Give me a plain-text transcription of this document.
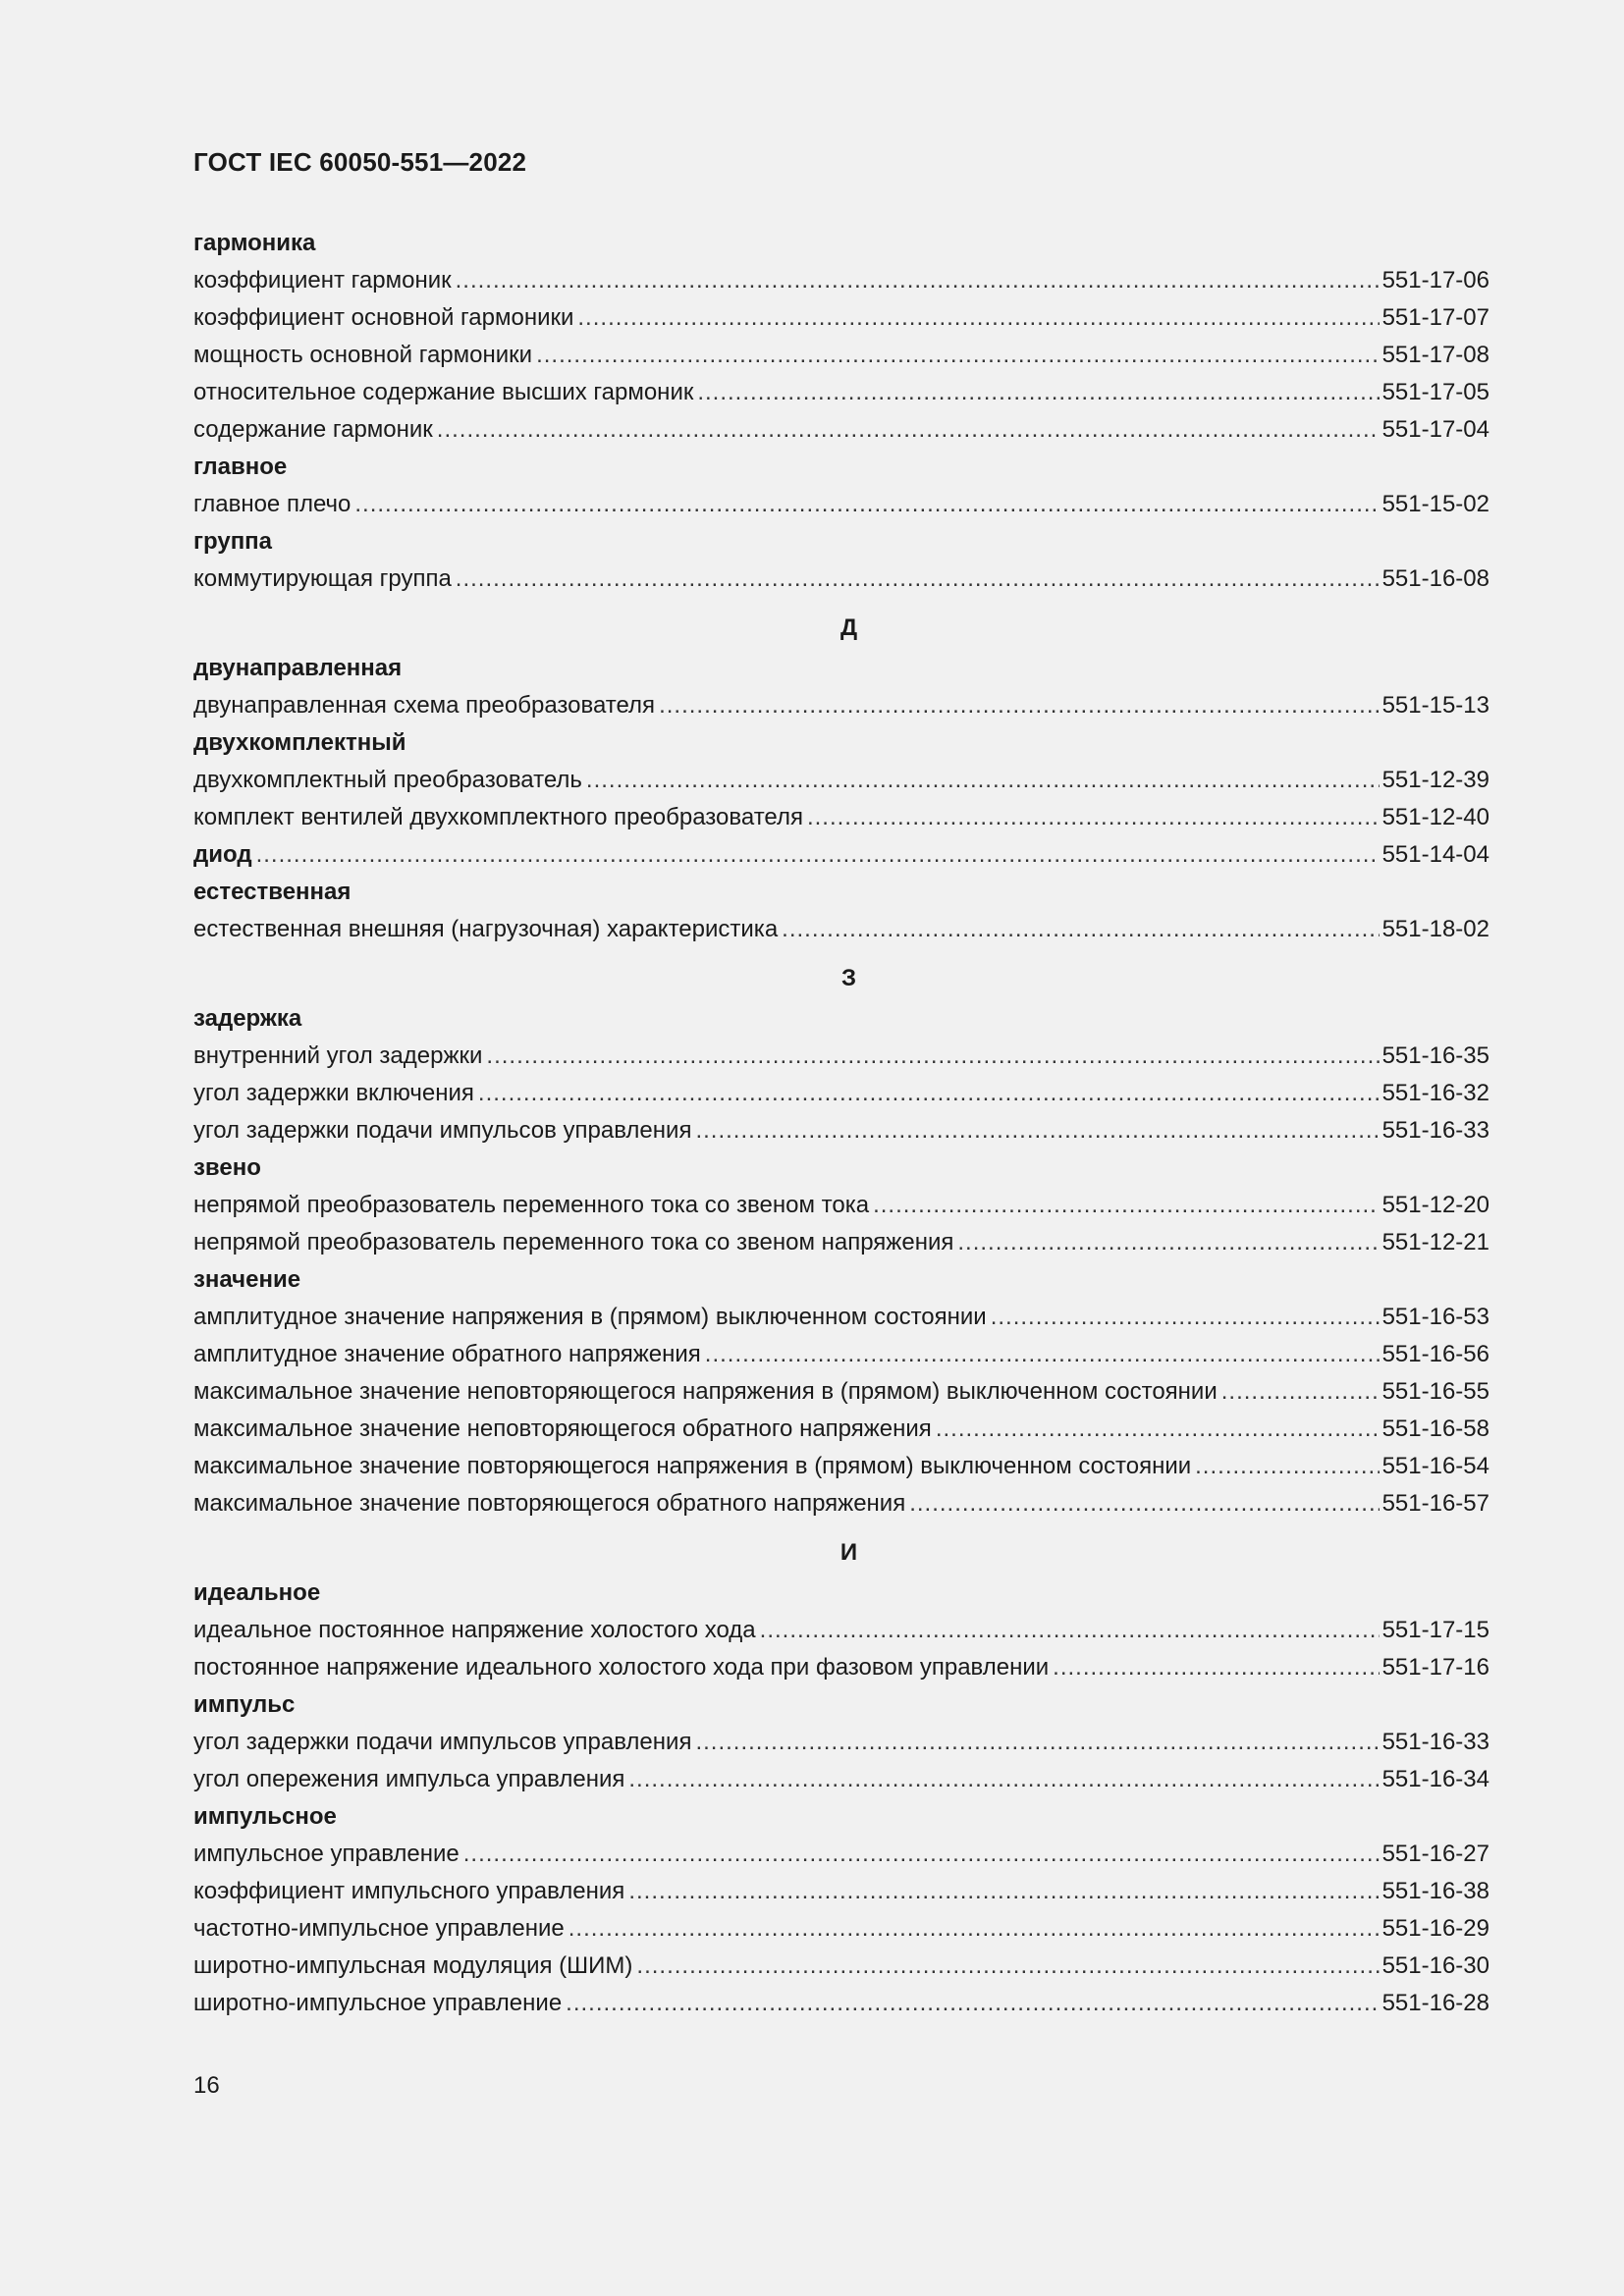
ГОСТ IEC 60050-551—2022
гармоника
коэффициент гармоник .....	551-17-06
коэффициент основной гармоники .....	551-17-07
мощность основной гармоники .....	551-17-08
относительное содержание высших гармоник .....	551-17-05
содержание гармоник .....	551-17-04
главное
главное плечо .....	551-15-02
группа
коммутирующая группа .....	551-16-08
Д
двунаправленная
двунаправленная схема преобразователя .....	551-15-13
двухкомплектный
двухкомплектный преобразователь .....	551-12-39
комплект вентилей двухкомплектного преобразователя .....	551-12-40
диод .....	551-14-04
естественная
естественная внешняя (нагрузочная) характеристика .....	551-18-02
З
задержка
внутренний угол задержки .....	551-16-35
угол задержки включения .....	551-16-32
угол задержки подачи импульсов управления .....	551-16-33
звено
непрямой преобразователь переменного тока со звеном тока .....	551-12-20
непрямой преобразователь переменного тока со звеном напряжения .....	551-12-21
значение
амплитудное значение напряжения в (прямом) выключенном состоянии .....	551-16-53
амплитудное значение обратного напряжения .....	551-16-56
максимальное значение неповторяющегося напряжения в (прямом) выключенном состоянии .....	551-16-55
максимальное значение неповторяющегося обратного напряжения .....	551-16-58
максимальное значение повторяющегося напряжения в (прямом) выключенном состоянии .....	551-16-54
максимальное значение повторяющегося обратного напряжения .....	551-16-57
И
идеальное
идеальное постоянное напряжение холостого хода .....	551-17-15
постоянное напряжение идеального холостого хода при фазовом управлении .....	551-17-16
импульс
угол задержки подачи импульсов управления .....	551-16-33
угол опережения импульса управления .....	551-16-34
импульсное
импульсное управление .....	551-16-27
коэффициент импульсного управления .....	551-16-38
частотно-импульсное управление .....	551-16-29
широтно-импульсная модуляция (ШИМ) .....	551-16-30
широтно-импульсное управление .....	551-16-28
16
